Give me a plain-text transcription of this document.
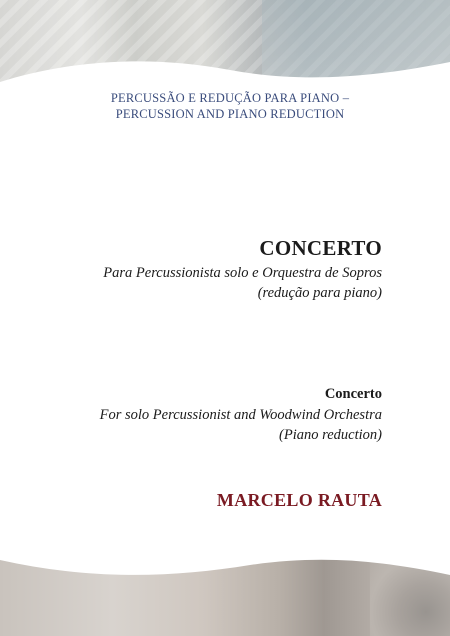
PERCUSSÃO E REDUÇÃO PARA PIANO –
PERCUSSION AND PIANO REDUCTION
CONCERTO
Para Percussionista solo e Orquestra de Sopros
(redução para piano)
Concerto
For solo Percussionist and Woodwind Orchestra
(Piano reduction)
MARCELO RAUTA
